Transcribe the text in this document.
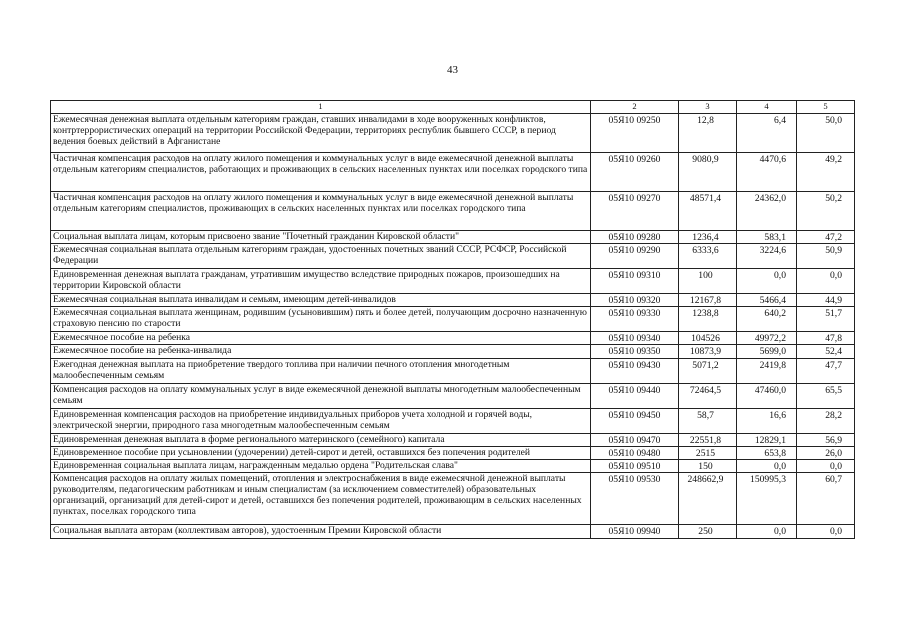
43
1	2	3	4	5
Ежемесячная денежная выплата отдельным категориям граждан, ставших инвалидами в ходе вооруженных конфликтов, контртеррористических операций на территории Российской Федерации, территориях республик бывшего СССР, в период ведения боевых действий в Афганистане	05Я10 09250	12,8	6,4	50,0
Частичная компенсация расходов на оплату жилого помещения и коммунальных услуг в виде ежемесячной денежной выплаты отдельным категориям специалистов, работающих и проживающих в сельских населенных пунктах или поселках городского типа	05Я10 09260	9080,9	4470,6	49,2
Частичная компенсация расходов на оплату жилого помещения и коммунальных услуг в виде ежемесячной денежной выплаты отдельным категориям специалистов, проживающих в сельских населенных пунктах или поселках городского типа	05Я10 09270	48571,4	24362,0	50,2
Социальная выплата лицам, которым присвоено звание "Почетный гражданин Кировской области"	05Я10 09280	1236,4	583,1	47,2
Ежемесячная социальная выплата отдельным категориям граждан, удостоенных почетных званий СССР, РСФСР, Российской Федерации	05Я10 09290	6333,6	3224,6	50,9
Единовременная денежная выплата гражданам, утратившим имущество вследствие природных пожаров, произошедших на территории Кировской области	05Я10 09310	100	0,0	0,0
Ежемесячная социальная выплата инвалидам и семьям, имеющим детей-инвалидов	05Я10 09320	12167,8	5466,4	44,9
Ежемесячная социальная выплата женщинам, родившим (усыновившим) пять и более детей, получающим досрочно назначенную страховую пенсию по старости	05Я10 09330	1238,8	640,2	51,7
Ежемесячное пособие на ребенка	05Я10 09340	104526	49972,2	47,8
Ежемесячное пособие на ребенка-инвалида	05Я10 09350	10873,9	5699,0	52,4
Ежегодная денежная выплата на приобретение твердого топлива при наличии печного отопления многодетным малообеспеченным семьям	05Я10 09430	5071,2	2419,8	47,7
Компенсация расходов на оплату коммунальных услуг в виде ежемесячной денежной выплаты многодетным малообеспеченным семьям	05Я10 09440	72464,5	47460,0	65,5
Единовременная компенсация расходов на приобретение индивидуальных приборов учета холодной и горячей воды, электрической энергии, природного газа многодетным малообеспеченным семьям	05Я10 09450	58,7	16,6	28,2
Единовременная денежная выплата в форме регионального материнского (семейного) капитала	05Я10 09470	22551,8	12829,1	56,9
Единовременное пособие при усыновлении (удочерении) детей-сирот и детей, оставшихся без попечения родителей	05Я10 09480	2515	653,8	26,0
Единовременная социальная выплата лицам, награжденным медалью ордена "Родительская слава"	05Я10 09510	150	0,0	0,0
Компенсация расходов на оплату жилых помещений, отопления и электроснабжения в виде ежемесячной денежной выплаты руководителям, педагогическим работникам и иным специалистам (за исключением совместителей) образовательных организаций, организаций для детей-сирот и детей, оставшихся без попечения родителей, проживающим в сельских населенных пунктах, поселках городского типа	05Я10 09530	248662,9	150995,3	60,7
Социальная выплата авторам (коллективам авторов), удостоенным Премии Кировской области	05Я10 09940	250	0,0	0,0
